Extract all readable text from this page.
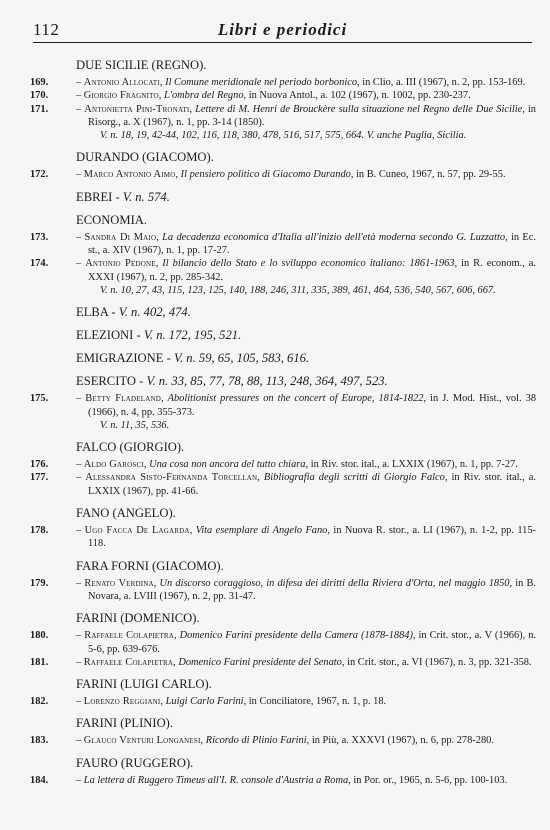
112	Libri e periodici
DUE SICILIE (REGNO).
169.	– Antonio Allocati, Il Comune meridionale nel periodo borbonico, in Clio, a. III (1967), n. 2, pp. 153-169.
170.	– Giorgio Fragnito, L'ombra del Regno, in Nuova Antol., a. 102 (1967), n. 1002, pp. 230-237.
171.	– Antonietta Pini-Tronati, Lettere di M. Henri de Brouckère sulla situazione nel Regno delle Due Sicilie, in Risorg., a. X (1967), n. 1, pp. 3-14 (1850).
V. n. 18, 19, 42-44, 102, 116, 118, 380, 478, 516, 517, 575, 664. V. anche Puglia, Sicilia.
DURANDO (GIACOMO).
172.	– Marco Antonio Aimo, Il pensiero politico di Giacomo Durando, in B. Cuneo, 1967, n. 57, pp. 29-55.
EBREI - V. n. 574.
ECONOMIA.
173.	– Sandra Di Maio, La decadenza economica d'Italia all'inizio dell'età moderna secondo G. Luzzatto, in Ec. st., a. XIV (1967), n. 1, pp. 17-27.
174.	– Antonio Pedone, Il bilancio dello Stato e lo sviluppo economico italiano: 1861-1963, in R. econom., a. XXXI (1967), n. 2, pp. 285-342.
V. n. 10, 27, 43, 115, 123, 125, 140, 188, 246, 311, 335, 389, 461, 464, 536, 540, 567, 606, 667.
ELBA - V. n. 402, 474.
ELEZIONI - V. n. 172, 195, 521.
EMIGRAZIONE - V. n. 59, 65, 105, 583, 616.
ESERCITO - V. n. 33, 85, 77, 78, 88, 113, 248, 364, 497, 523.
175.	– Betty Fladeland, Abolitionist pressures on the concert of Europe, 1814-1822, in J. Mod. Hist., vol. 38 (1966), n. 4, pp. 355-373.
V. n. 11, 35, 536.
FALCO (GIORGIO).
176.	– Aldo Garosci, Una cosa non ancora del tutto chiara, in Riv. stor. ital., a. LXXIX (1967), n. 1, pp. 7-27.
177.	– Alessandra Sisto-Fernanda Torcellan, Bibliografia degli scritti di Giorgio Falco, in Riv. stor. ital., a. LXXIX (1967), pp. 41-66.
FANO (ANGELO).
178.	– Ugo Facca De Lagarda, Vita esemplare di Angelo Fano, in Nuova R. stor., a. LI (1967), n. 1-2, pp. 115-118.
FARA FORNI (GIACOMO).
179.	– Renato Verdina, Un discorso coraggioso, in difesa dei diritti della Riviera d'Orta, nel maggio 1850, in B. Novara, a. LVIII (1967), n. 2, pp. 31-47.
FARINI (DOMENICO).
180.	– Raffaele Colapietra, Domenico Farini presidente della Camera (1878-1884), in Crit. stor., a. V (1966), n. 5-6, pp. 639-676.
181.	– Raffaele Colapietra, Domenico Farini presidente del Senato, in Crit. stor., a. VI (1967), n. 3, pp. 321-358.
FARINI (LUIGI CARLO).
182.	– Lorenzo Reggiani, Luigi Carlo Farini, in Conciliatore, 1967, n. 1, p. 18.
FARINI (PLINIO).
183.	– Glauco Venturi Longanesi, Ricordo di Plinio Farini, in Più, a. XXXVI (1967), n. 6, pp. 278-280.
FAURO (RUGGERO).
184.	– La lettera di Ruggero Timeus all'I. R. console d'Austria a Roma, in Por. or., 1965, n. 5-6, pp. 100-103.
